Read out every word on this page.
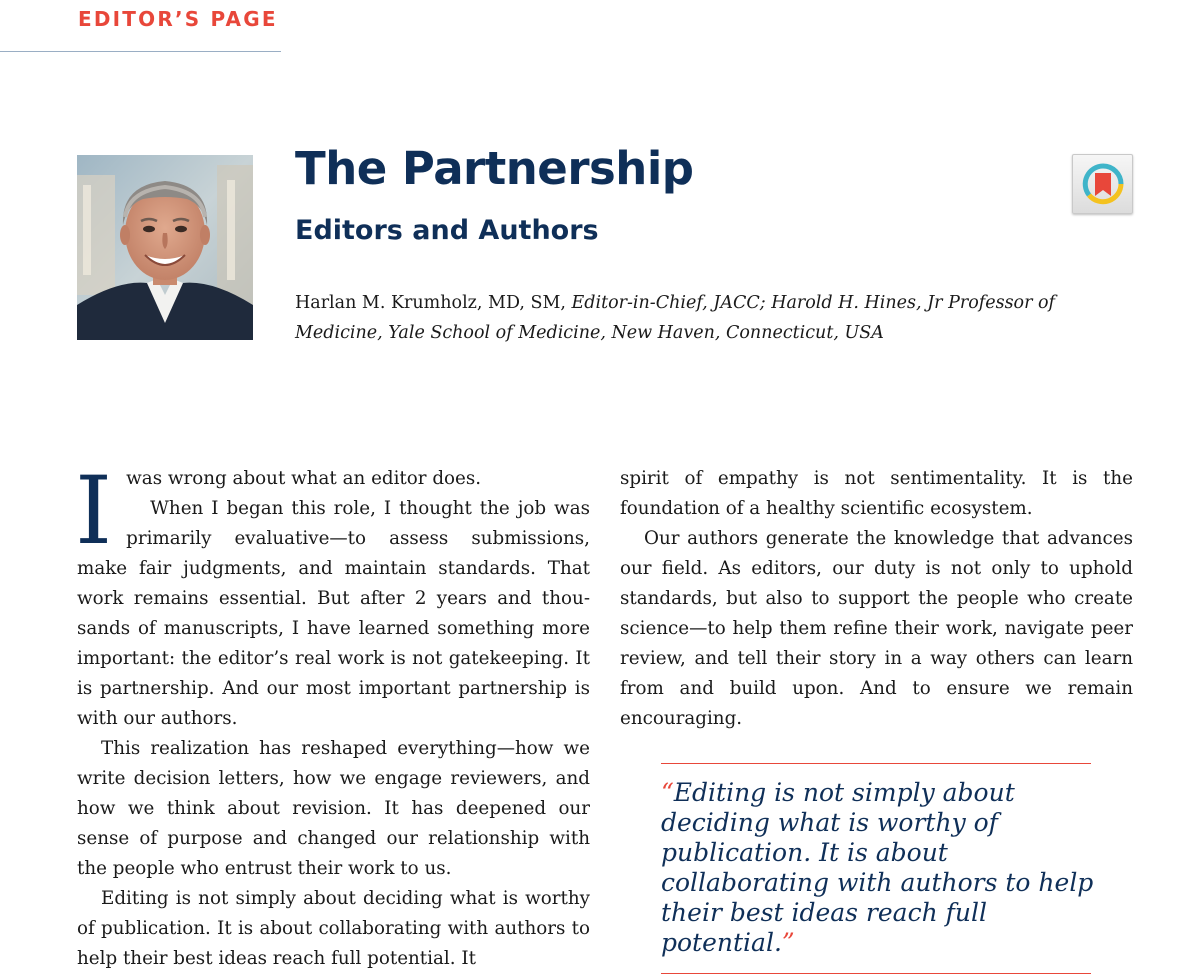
EDITOR’S PAGE
The Partnership
Editors and Authors
Harlan M. Krumholz, MD, SM, Editor-in-Chief, JACC; Harold H. Hines, Jr Professor of Medicine, Yale School of Medicine, New Haven, Connecticut, USA

Iwas wrong about what an editor does.
When I began this role, I thought the job was primarily evaluative—to assess submissions, make fair judgments, and maintain standards. That work remains essential. But after 2 years and thousands of manuscripts, I have learned something more important: the editor’s real work is not gatekeeping. It is partnership. And our most important partnership is with our authors.

This realization has reshaped everything—how we write decision letters, how we engage reviewers, and how we think about revision. It has deepened our sense of purpose and changed our relationship with the people who entrust their work to us.

Editing is not simply about deciding what is worthy of publication. It is about collaborating with authors to help their best ideas reach full potential. It

spirit of empathy is not sentimentality. It is the foundation of a healthy scientific ecosystem.

Our authors generate the knowledge that advances our field. As editors, our duty is not only to uphold standards, but also to support the people who create science—to help them refine their work, navigate peer review, and tell their story in a way others can learn from and build upon. And to ensure we remain encouraging.

“Editing is not simply about deciding what is worthy of publication. It is about collaborating with authors to help their best ideas reach full potential.”
